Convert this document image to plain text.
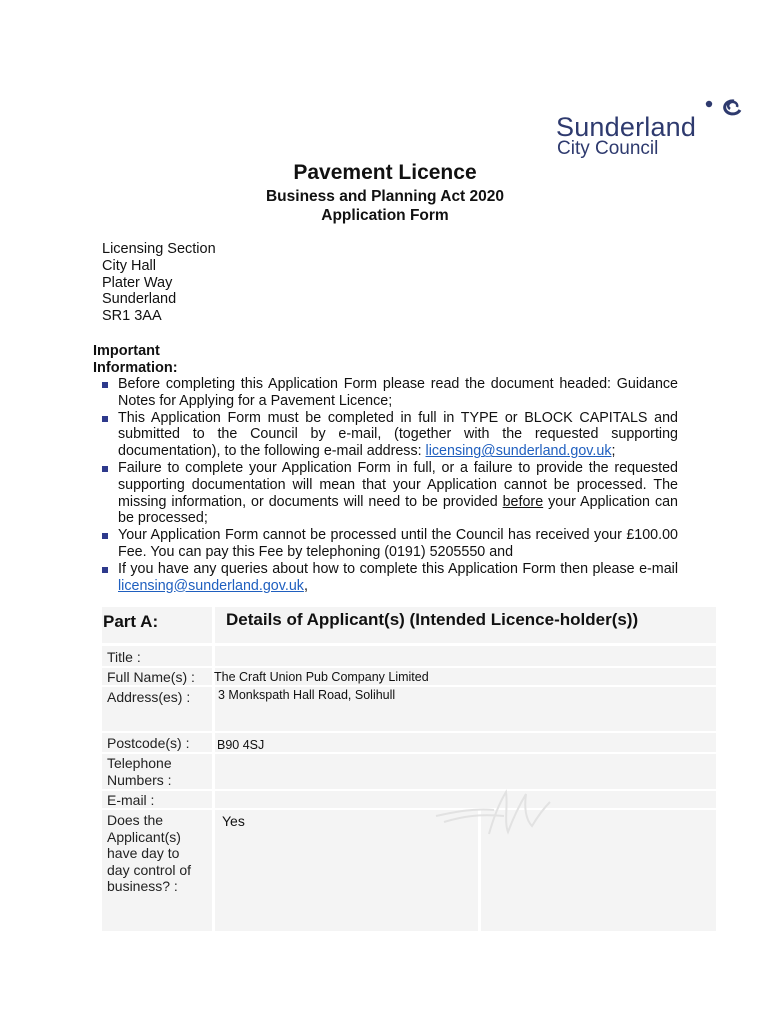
Sunderland
City Council
Pavement Licence
Business and Planning Act 2020
Application Form
Licensing Section
City Hall
Plater Way
Sunderland
SR1 3AA
Important
Information:
Before completing this Application Form please read the document headed: Guidance Notes for Applying for a Pavement Licence;
This Application Form must be completed in full in TYPE or BLOCK CAPITALS and submitted to the Council by e-mail, (together with the requested supporting documentation), to the following e-mail address: licensing@sunderland.gov.uk;
Failure to complete your Application Form in full, or a failure to provide the requested supporting documentation will mean that your Application cannot be processed. The missing information, or documents will need to be provided before your Application can be processed;
Your Application Form cannot be processed until the Council has received your £100.00 Fee. You can pay this Fee by telephoning (0191) 5205550 and
If you have any queries about how to complete this Application Form then please e-mail licensing@sunderland.gov.uk,
Part A:	Details of Applicant(s) (Intended Licence-holder(s))
Title :
Full Name(s) : The Craft Union Pub Company Limited
Address(es) : 3 Monkspath Hall Road, Solihull
Postcode(s) : B90 4SJ
Telephone
Numbers :
E-mail :
Does the
Applicant(s)
have day to
day control of
business? :
Yes
